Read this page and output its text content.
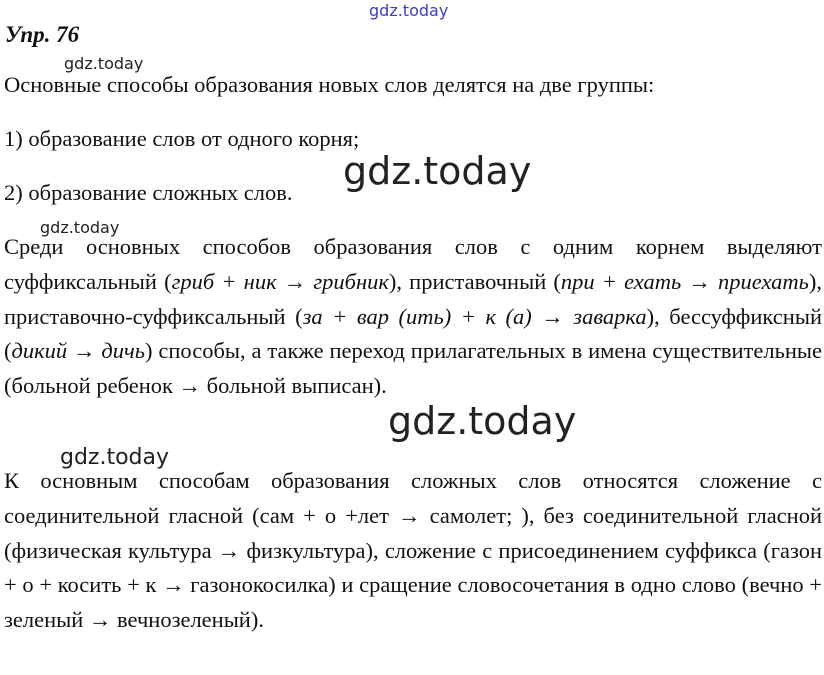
gdz.today
gdz.today
gdz.today
gdz.today
gdz.today
gdz.today
Упр. 76

Основные способы образования новых слов делятся на две группы:

1) образование слов от одного корня;

2) образование сложных слов.

Среди основных способов образования слов с одним корнем выделяют суффиксальный (гриб + ник → грибник), приставочный (при + ехать → приехать), приставочно-суффиксальный (за + вар (ить) + к (а) → заварка), бессуффиксный (дикий → дичь) способы, а также переход прилагательных в имена существительные (больной ребенок → больной выписан).

К основным способам образования сложных слов относятся сложение с соединительной гласной (сам + о +лет → самолет; ), без соединительной гласной (физическая культура → физкультура), сложение с присоединением суффикса (газон + о + косить + к → газонокосилка) и сращение словосочетания в одно слово (вечно + зеленый → вечнозеленый).
